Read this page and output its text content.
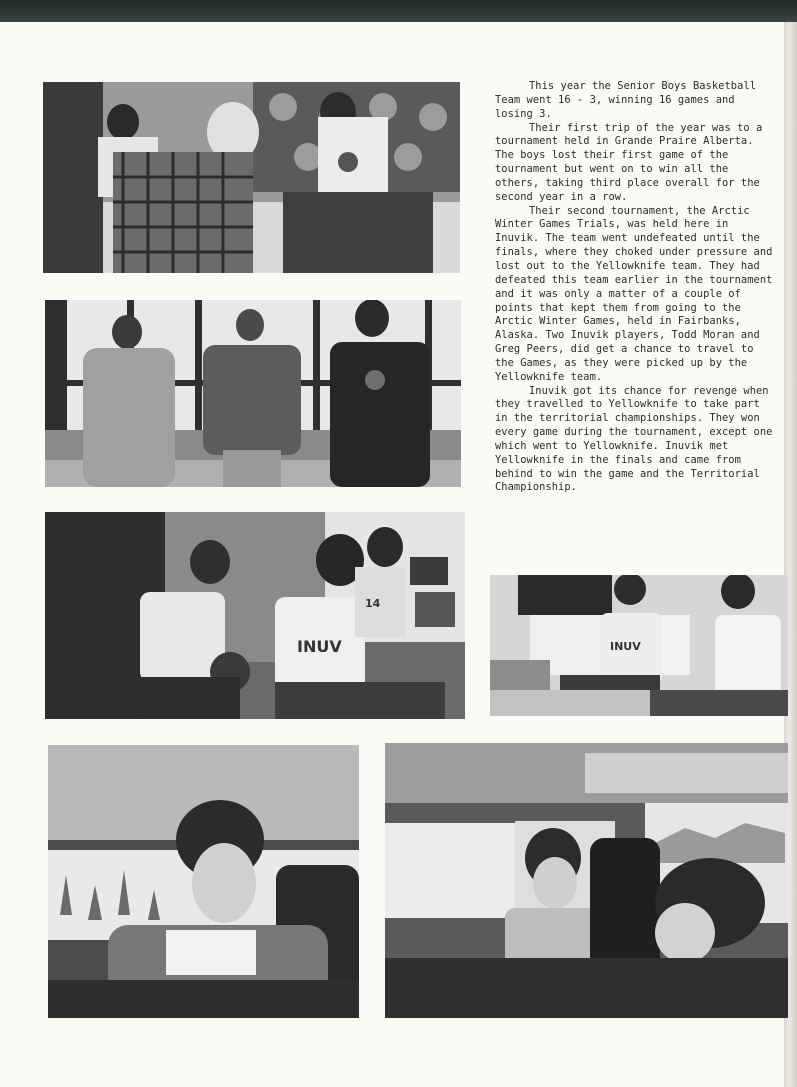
INUV
14
INUV

This year the Senior Boys Basketball Team went 16 - 3, winning 16 games and losing 3.

Their first trip of the year was to a tournament held in Grande Praire Alberta. The boys lost their first game of the tournament but went on to win all the others, taking third place overall for the second year in a row.

Their second tournament, the Arctic Winter Games Trials, was held here in Inuvik. The team went undefeated until the finals, where they choked under pressure and lost out to the Yellowknife team. They had defeated this team earlier in the tournament and it was only a matter of a couple of points that kept them from going to the Arctic Winter Games, held in Fairbanks, Alaska. Two Inuvik players, Todd Moran and Greg Peers, did get a chance to travel to the Games, as they were picked up by the Yellowknife team.

Inuvik got its chance for revenge when they travelled to Yellowknife to take part in the territorial championships. They won every game during the tournament, except one which went to Yellowknife. Inuvik met Yellowknife in the finals and came from behind to win the game and the Territorial Championship.
